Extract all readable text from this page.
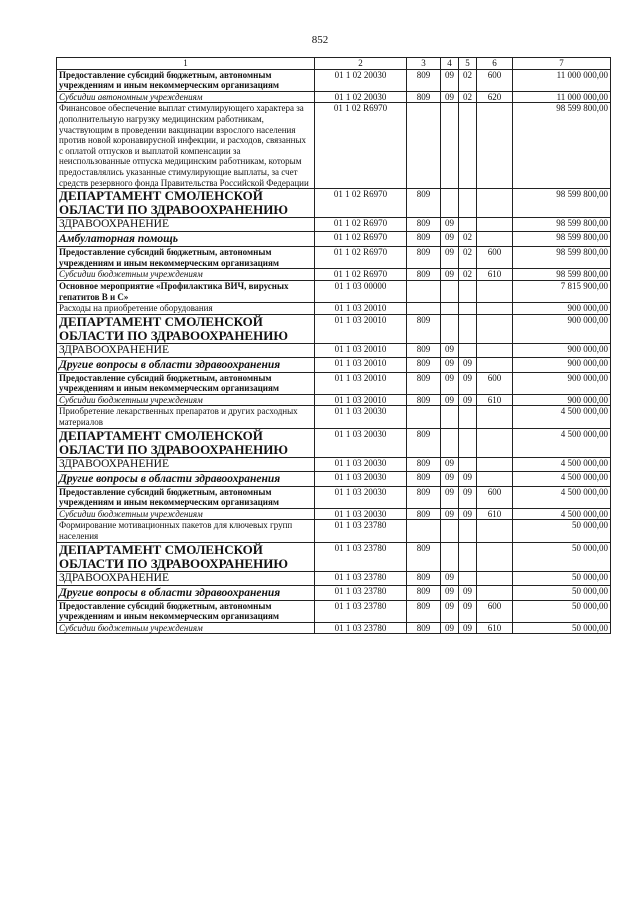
852
1	2	3	4	5	6	7
Предоставление субсидий бюджетным, автономным учреждениям и иным некоммерческим организациям	01 1 02 20030	809	09	02	600	11 000 000,00
Субсидии автономным учреждениям	01 1 02 20030	809	09	02	620	11 000 000,00
Финансовое обеспечение выплат стимулирующего характера за дополнительную нагрузку медицинским работникам, участвующим в проведении вакцинации взрослого населения против новой коронавирусной инфекции, и расходов, связанных с оплатой отпусков и выплатой компенсации за неиспользованные отпуска медицинским работникам, которым предоставлялись указанные стимулирующие выплаты, за счет средств резервного фонда Правительства Российской Федерации	01 1 02 R6970					98 599 800,00
ДЕПАРТАМЕНТ СМОЛЕНСКОЙ ОБЛАСТИ ПО ЗДРАВООХРАНЕНИЮ	01 1 02 R6970	809				98 599 800,00
ЗДРАВООХРАНЕНИЕ	01 1 02 R6970	809	09			98 599 800,00
Амбулаторная помощь	01 1 02 R6970	809	09	02		98 599 800,00
Предоставление субсидий бюджетным, автономным учреждениям и иным некоммерческим организациям	01 1 02 R6970	809	09	02	600	98 599 800,00
Субсидии бюджетным учреждениям	01 1 02 R6970	809	09	02	610	98 599 800,00
Основное мероприятие «Профилактика ВИЧ, вирусных гепатитов В и С»	01 1 03 00000					7 815 900,00
Расходы на приобретение оборудования	01 1 03 20010					900 000,00
ДЕПАРТАМЕНТ СМОЛЕНСКОЙ ОБЛАСТИ ПО ЗДРАВООХРАНЕНИЮ	01 1 03 20010	809				900 000,00
ЗДРАВООХРАНЕНИЕ	01 1 03 20010	809	09			900 000,00
Другие вопросы в области здравоохранения	01 1 03 20010	809	09	09		900 000,00
Предоставление субсидий бюджетным, автономным учреждениям и иным некоммерческим организациям	01 1 03 20010	809	09	09	600	900 000,00
Субсидии бюджетным учреждениям	01 1 03 20010	809	09	09	610	900 000,00
Приобретение лекарственных препаратов и других расходных материалов	01 1 03 20030					4 500 000,00
ДЕПАРТАМЕНТ СМОЛЕНСКОЙ ОБЛАСТИ ПО ЗДРАВООХРАНЕНИЮ	01 1 03 20030	809				4 500 000,00
ЗДРАВООХРАНЕНИЕ	01 1 03 20030	809	09			4 500 000,00
Другие вопросы в области здравоохранения	01 1 03 20030	809	09	09		4 500 000,00
Предоставление субсидий бюджетным, автономным учреждениям и иным некоммерческим организациям	01 1 03 20030	809	09	09	600	4 500 000,00
Субсидии бюджетным учреждениям	01 1 03 20030	809	09	09	610	4 500 000,00
Формирование мотивационных пакетов для ключевых групп населения	01 1 03 23780					50 000,00
ДЕПАРТАМЕНТ СМОЛЕНСКОЙ ОБЛАСТИ ПО ЗДРАВООХРАНЕНИЮ	01 1 03 23780	809				50 000,00
ЗДРАВООХРАНЕНИЕ	01 1 03 23780	809	09			50 000,00
Другие вопросы в области здравоохранения	01 1 03 23780	809	09	09		50 000,00
Предоставление субсидий бюджетным, автономным учреждениям и иным некоммерческим организациям	01 1 03 23780	809	09	09	600	50 000,00
Субсидии бюджетным учреждениям	01 1 03 23780	809	09	09	610	50 000,00
